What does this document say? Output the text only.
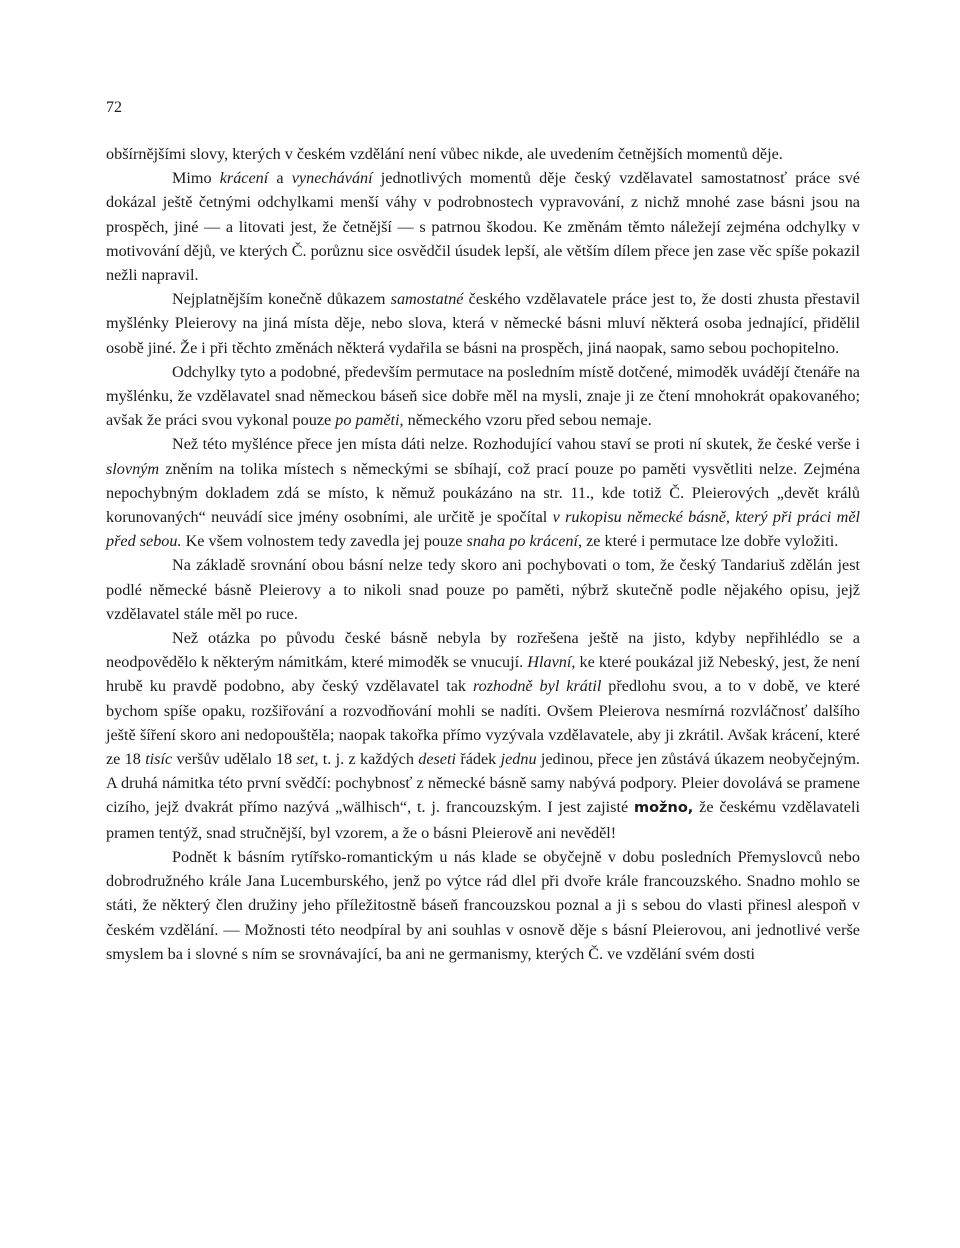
72

obšírnějšími slovy, kterých v českém vzdělání není vůbec nikde, ale uvedením četnějších momentů děje.

Mimo krácení a vynechávání jednotlivých momentů děje český vzdělavatel samostatnosť práce své dokázal ještě četnými odchylkami menší váhy v podrobnostech vypravování, z nichž mnohé zase básni jsou na prospěch, jiné — a litovati jest, že četnější — s patrnou škodou. Ke změnám těmto náležejí zejména odchylky v motivování dějů, ve kterých Č. porůznu sice osvědčil úsudek lepší, ale větším dílem přece jen zase věc spíše pokazil nežli napravil.

Nejplatnějším konečně důkazem samostatné českého vzdělavatele práce jest to, že dosti zhusta přestavil myšlénky Pleierovy na jiná místa děje, nebo slova, která v německé básni mluví některá osoba jednající, přidělil osobě jiné. Že i při těchto změnách některá vydařila se básni na prospěch, jiná naopak, samo sebou pochopitelno.

Odchylky tyto a podobné, především permutace na posledním místě dotčené, mimoděk uvádějí čtenáře na myšlénku, že vzdělavatel snad německou báseň sice dobře měl na mysli, znaje ji ze čtení mnohokrát opakovaného; avšak že práci svou vykonal pouze po paměti, německého vzoru před sebou nemaje.

Než této myšlénce přece jen místa dáti nelze. Rozhodující vahou staví se proti ní skutek, že české verše i slovným zněním na tolika místech s německými se sbíhají, což prací pouze po paměti vysvětliti nelze. Zejména nepochybným dokladem zdá se místo, k němuž poukázáno na str. 11., kde totiž Č. Pleierových „devět králů korunovaných“ neuvádí sice jmény osobními, ale určitě je spočítal v rukopisu německé básně, který při práci měl před sebou. Ke všem volnostem tedy zavedla jej pouze snaha po krácení, ze které i permutace lze dobře vyložiti.

Na základě srovnání obou básní nelze tedy skoro ani pochybovati o tom, že český Tandariuš zdělán jest podlé německé básně Pleierovy a to nikoli snad pouze po paměti, nýbrž skutečně podle nějakého opisu, jejž vzdělavatel stále měl po ruce.

Než otázka po původu české básně nebyla by rozřešena ještě na jisto, kdyby nepřihlédlo se a neodpovědělo k některým námitkám, které mimoděk se vnucují. Hlavní, ke které poukázal již Nebeský, jest, že není hrubě ku pravdě podobno, aby český vzdělavatel tak rozhodně byl krátil předlohu svou, a to v době, ve které bychom spíše opaku, rozšiřování a rozvodňování mohli se nadíti. Ovšem Pleierova nesmírná rozvláčnosť dalšího ještě šíření skoro ani nedopouštěla; naopak takořka přímo vyzývala vzdělavatele, aby ji zkrátil. Avšak krácení, které ze 18 tisíc veršův udělalo 18 set, t. j. z každých deseti řádek jednu jedinou, přece jen zůstává úkazem neobyčejným. A druhá námitka této první svědčí: pochybnosť z německé básně samy nabývá podpory. Pleier dovolává se pramene cizího, jejž dvakrát přímo nazývá „wälhisch“, t. j. francouzským. I jest zajisté možno, že českému vzdělavateli pramen tentýž, snad stručnější, byl vzorem, a že o básni Pleierově ani nevěděl!

Podnět k básním rytířsko-romantickým u nás klade se obyčejně v dobu posledních Přemyslovců nebo dobrodružného krále Jana Lucemburského, jenž po výtce rád dlel při dvoře krále francouzského. Snadno mohlo se státi, že některý člen družiny jeho příležitostně báseň francouzskou poznal a ji s sebou do vlasti přinesl alespoň v českém vzdělání. — Možnosti této neodpíral by ani souhlas v osnově děje s básní Pleierovou, ani jednotlivé verše smyslem ba i slovné s ním se srovnávající, ba ani ne germanismy, kterých Č. ve vzdělání svém dosti
